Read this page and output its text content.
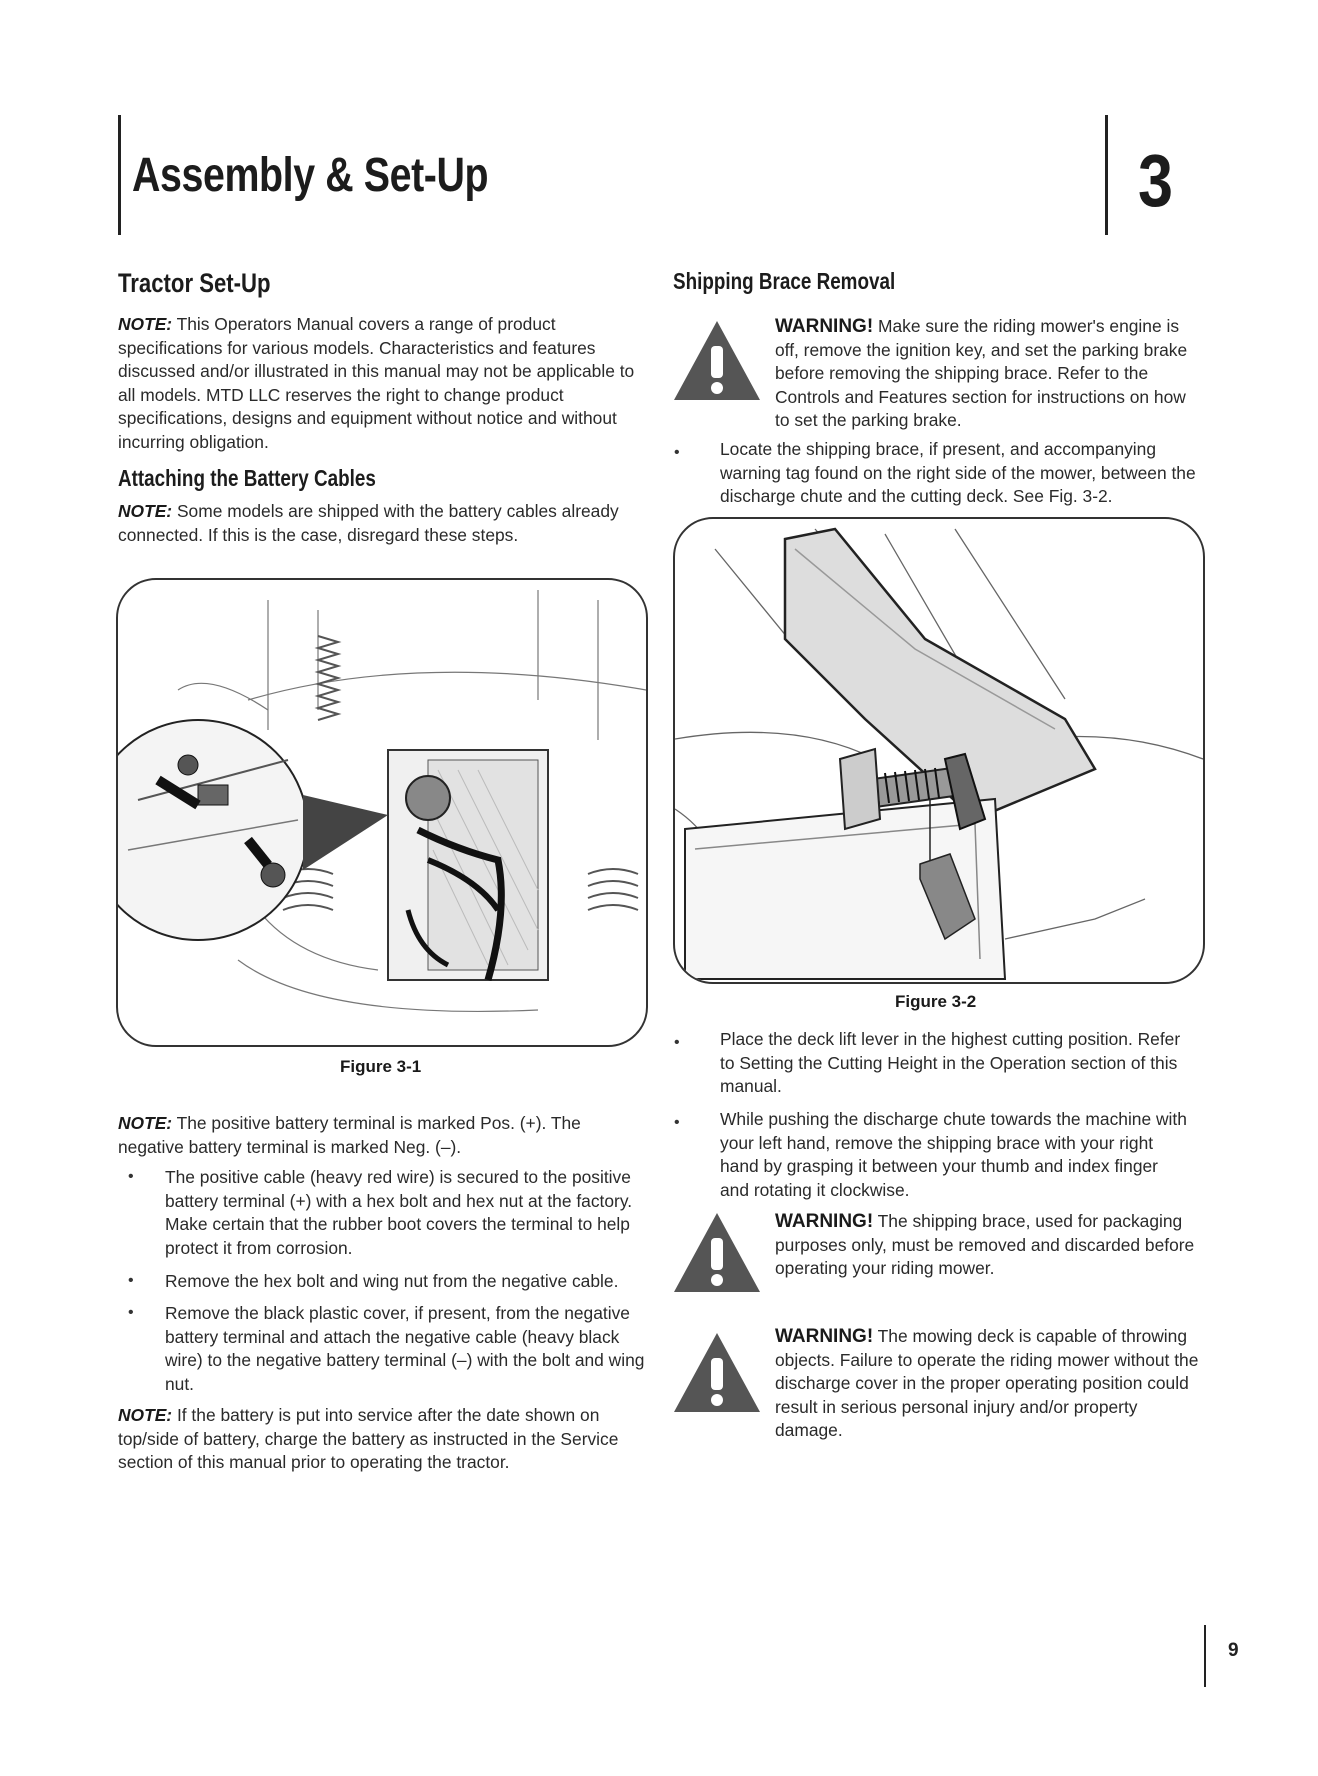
Assembly & Set-Up	3
Tractor Set-Up
NOTE: This Operators Manual covers a range of product specifications for various models. Characteristics and features discussed and/or illustrated in this manual may not be applicable to all models. MTD LLC reserves the right to change product specifications, designs and equipment without notice and without incurring obligation.
Attaching the Battery Cables
NOTE: Some models are shipped with the battery cables already connected. If this is the case, disregard these steps.
Figure 3-1
NOTE: The positive battery terminal is marked Pos. (+). The negative battery terminal is marked Neg. (–).
• The positive cable (heavy red wire) is secured to the positive battery terminal (+) with a hex bolt and hex nut at the factory. Make certain that the rubber boot covers the terminal to help protect it from corrosion.
• Remove the hex bolt and wing nut from the negative cable.
• Remove the black plastic cover, if present, from the negative battery terminal and attach the negative cable (heavy black wire) to the negative battery terminal (–) with the bolt and wing nut.
NOTE: If the battery is put into service after the date shown on top/side of battery, charge the battery as instructed in the Service section of this manual prior to operating the tractor.
Shipping Brace Removal
WARNING! Make sure the riding mower's engine is off, remove the ignition key, and set the parking brake before removing the shipping brace. Refer to the Controls and Features section for instructions on how to set the parking brake.
• Locate the shipping brace, if present, and accompanying warning tag found on the right side of the mower, between the discharge chute and the cutting deck. See Fig. 3-2.
Figure 3-2
• Place the deck lift lever in the highest cutting position. Refer to Setting the Cutting Height in the Operation section of this manual.
• While pushing the discharge chute towards the machine with your left hand, remove the shipping brace with your right hand by grasping it between your thumb and index finger and rotating it clockwise.
WARNING! The shipping brace, used for packaging purposes only, must be removed and discarded before operating your riding mower.
WARNING! The mowing deck is capable of throwing objects. Failure to operate the riding mower without the discharge cover in the proper operating position could result in serious personal injury and/or property damage.
9
